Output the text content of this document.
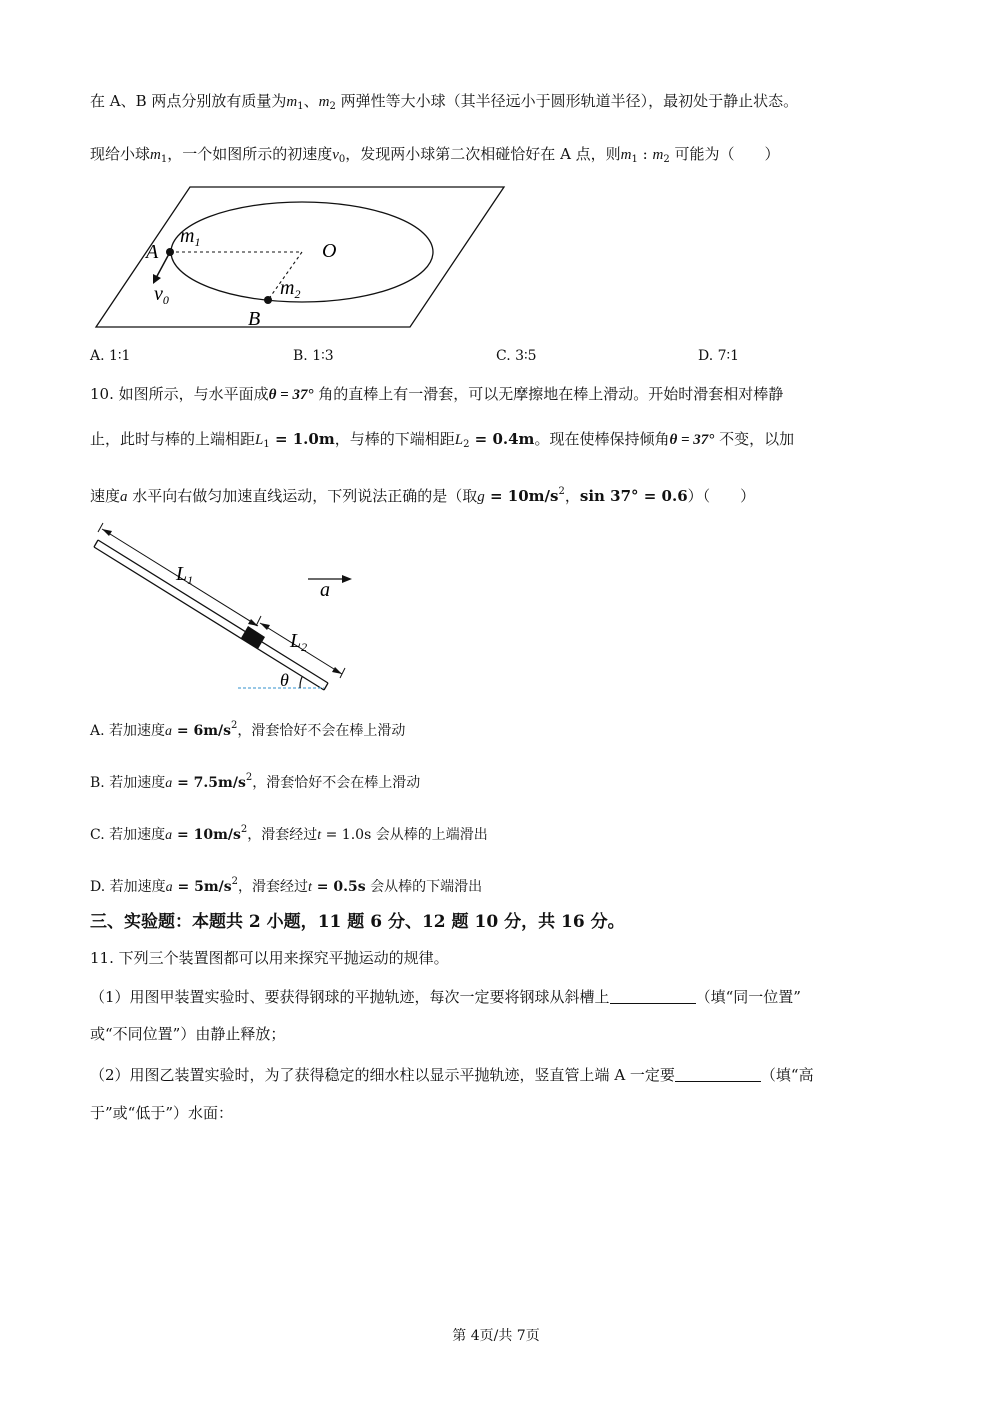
在 A、B 两点分别放有质量为$m_1$、$m_2$ 两弹性等大小球（其半径远小于圆形轨道半径），最初处于静止状态。
现给小球$m_1$，一个如图所示的初速度$v_0$，发现两小球第二次相碰恰好在 A 点，则$m_1$ : $m_2$ 可能为（　　）
A
$m_1$	O
$m_2$
B
$v_0$
A. 1∶1	B. 1∶3	C. 3∶5	D. 7∶1
10. 如图所示，与水平面成θ = 37° 角的直棒上有一滑套，可以无摩擦地在棒上滑动。开始时滑套相对棒静
止，此时与棒的上端相距$L_1 = 1.0m$，与棒的下端相距$L_2 = 0.4m$。现在使棒保持倾角θ = 37° 不变，以加
速度a 水平向右做匀加速直线运动，下列说法正确的是（取$g = 10m/s^2$，sin 37° = 0.6）（　　）
$L_1$
$L_2$
a
θ
A. 若加速度$a = 6m/s^2$，滑套恰好不会在棒上滑动
B. 若加速度$a = 7.5m/s^2$，滑套恰好不会在棒上滑动
C. 若加速度$a = 10m/s^2$，滑套经过t = 1.0s 会从棒的上端滑出
D. 若加速度$a = 5m/s^2$，滑套经过t = 0.5s 会从棒的下端滑出
三、实验题：本题共 2 小题，11 题 6 分、12 题 10 分，共 16 分。
11. 下列三个装置图都可以用来探究平抛运动的规律。
（1）用图甲装置实验时、要获得钢球的平抛轨迹，每次一定要将钢球从斜槽上	（填“同一位置”
或“不同位置”）由静止释放；
（2）用图乙装置实验时，为了获得稳定的细水柱以显示平抛轨迹，竖直管上端 A 一定要	（填“高
于”或“低于”）水面：
第 4页/共 7页
